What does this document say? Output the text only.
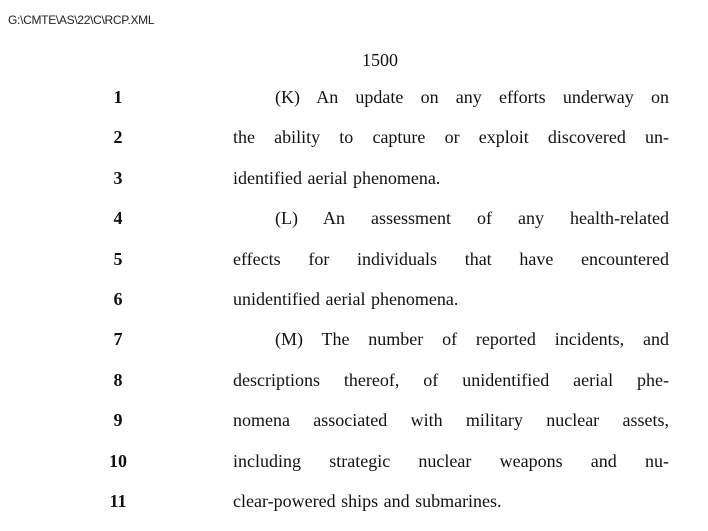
G:\CMTE\AS\22\C\RCP.XML
1500
1	(K) An update on any efforts underway on
2	the ability to capture or exploit discovered un-
3	identified aerial phenomena.
4	(L) An assessment of any health-related
5	effects for individuals that have encountered
6	unidentified aerial phenomena.
7	(M) The number of reported incidents, and
8	descriptions thereof, of unidentified aerial phe-
9	nomena associated with military nuclear assets,
10	including strategic nuclear weapons and nu-
11	clear-powered ships and submarines.
